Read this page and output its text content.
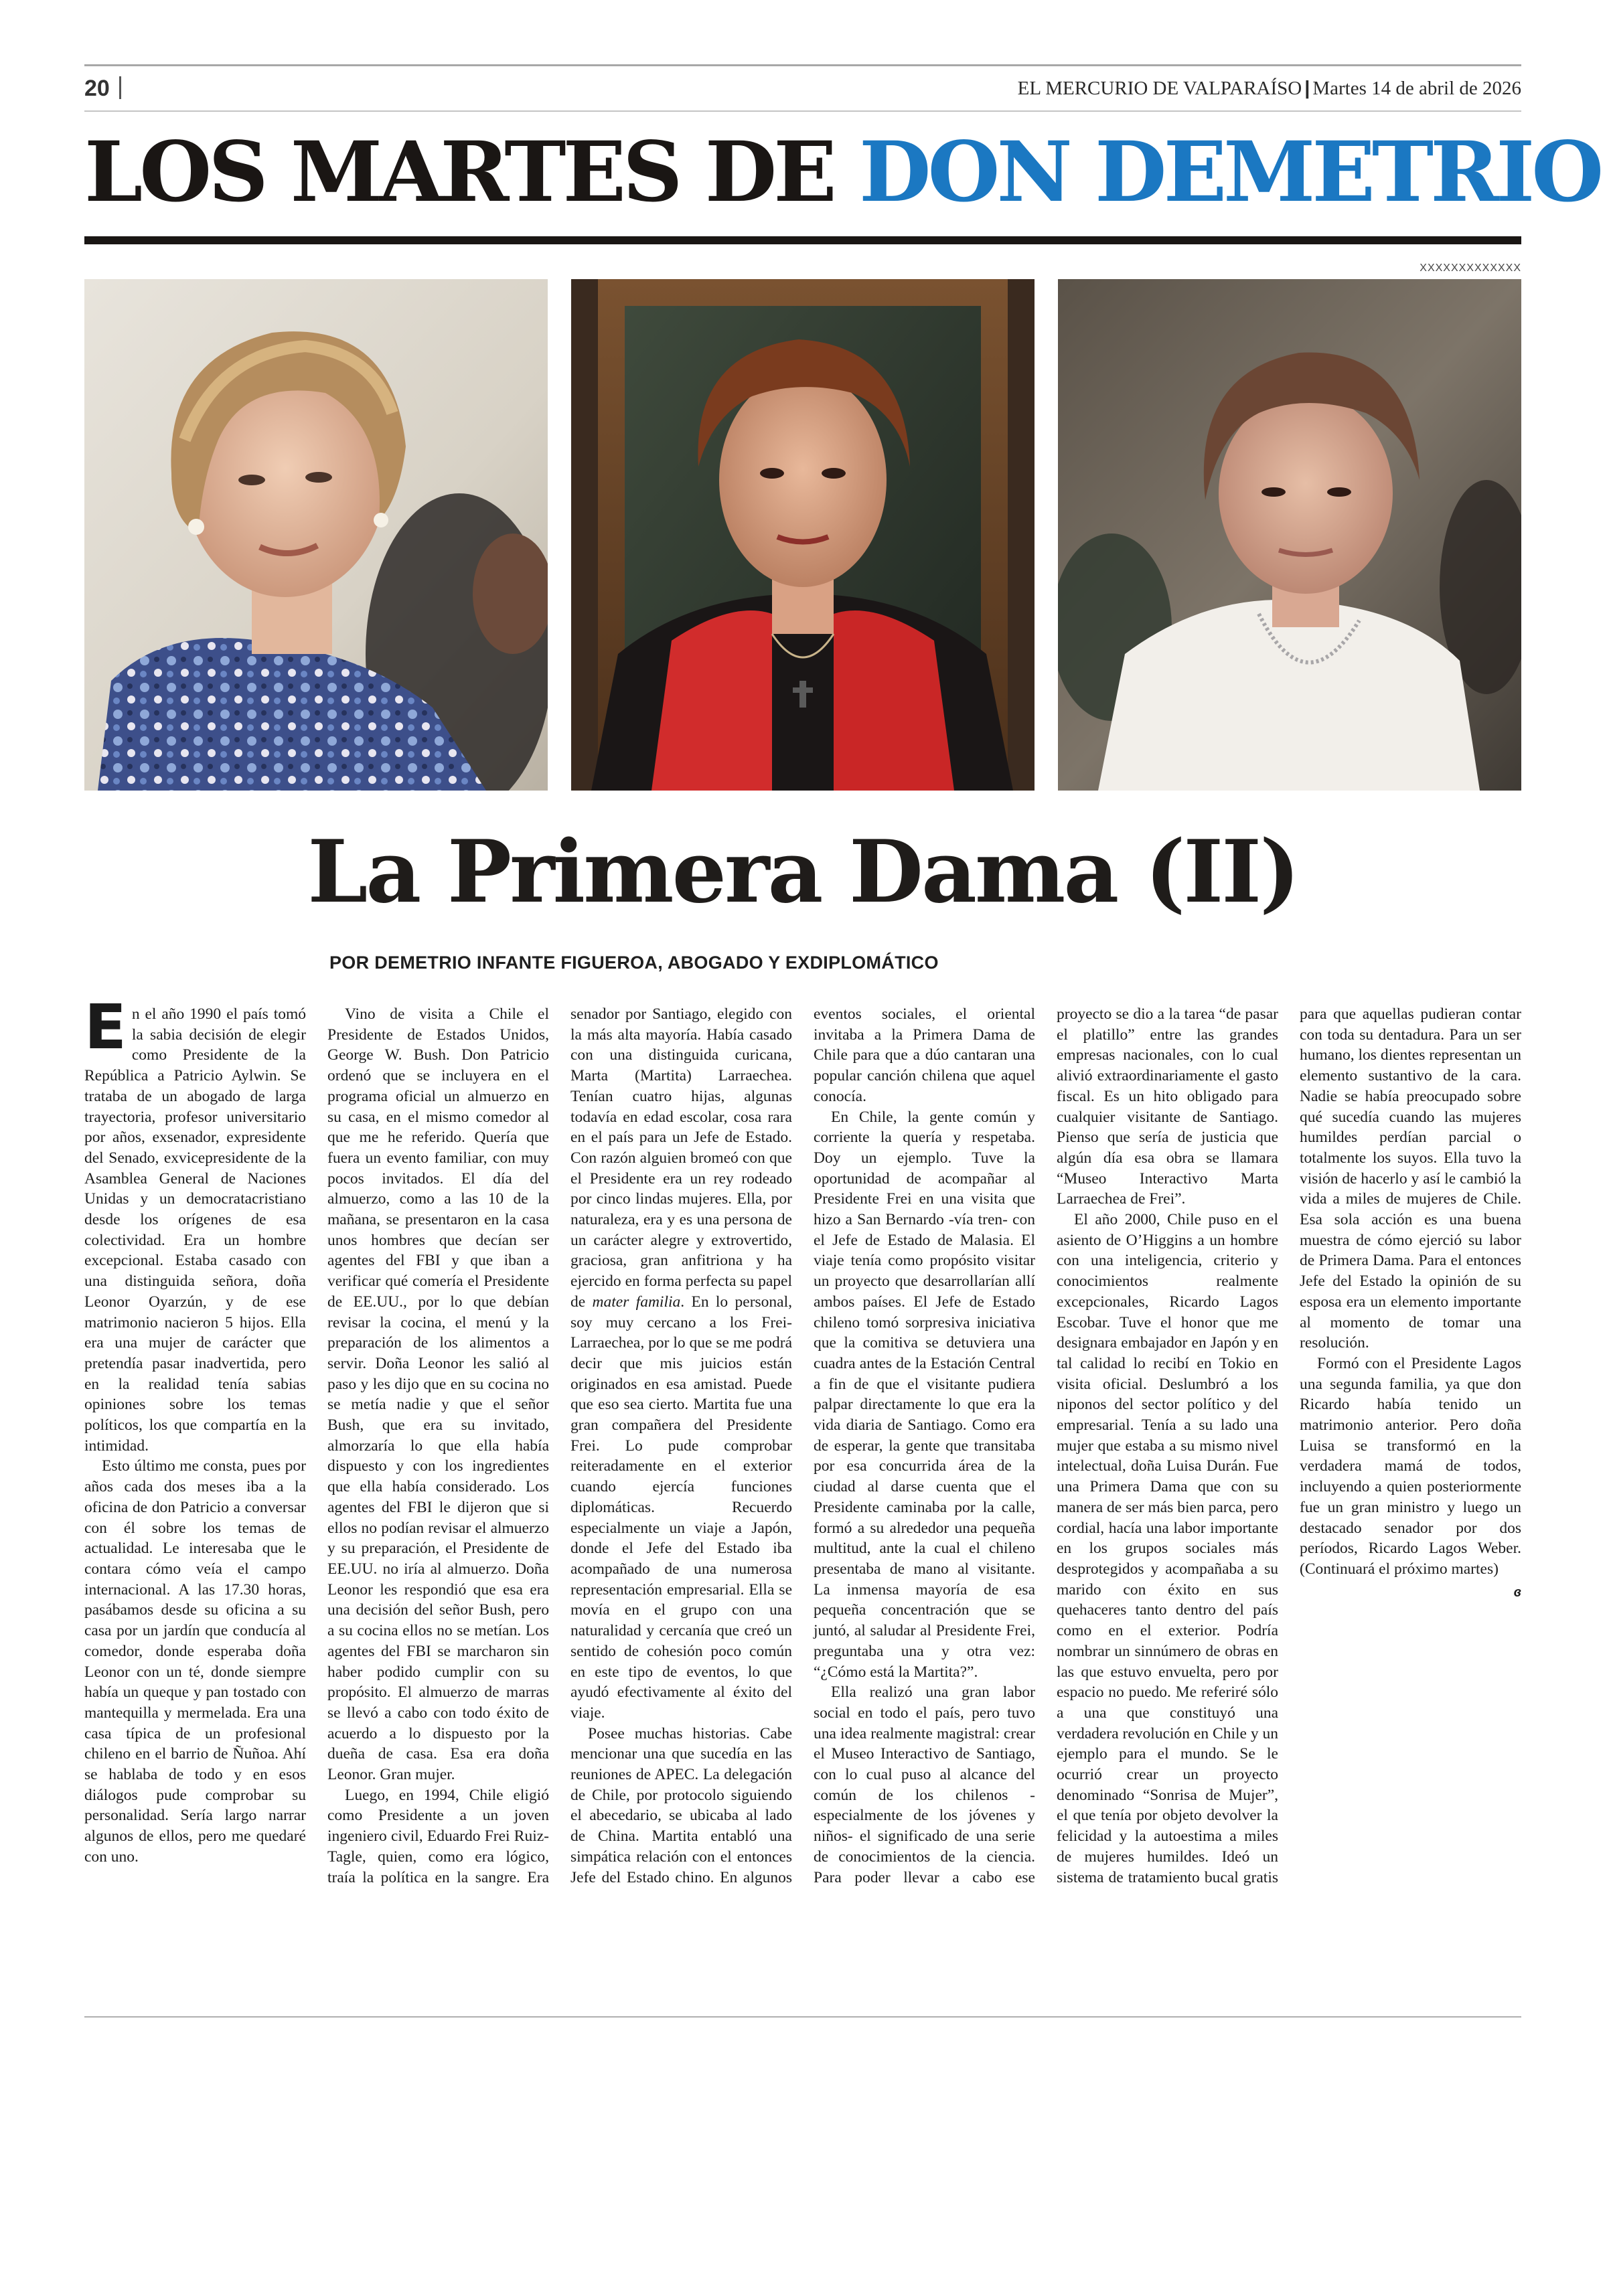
20	EL MERCURIO DE VALPARAÍSO | Martes 14 de abril de 2026
LOS MARTES DE DON DEMETRIO
XXXXXXXXXXXXX
La Primera Dama (II)
POR DEMETRIO INFANTE FIGUEROA, ABOGADO Y EXDIPLOMÁTICO

En el año 1990 el país tomó la sabia decisión de elegir como Presidente de la República a Patricio Aylwin. Se trataba de un abogado de larga trayectoria, profesor universitario por años, exsenador, expresidente del Senado, exvicepresidente de la Asamblea General de Naciones Unidas y un democratacristiano desde los orígenes de esa colectividad. Era un hombre excepcional. Estaba casado con una distinguida señora, doña Leonor Oyarzún, y de ese matrimonio nacieron 5 hijos. Ella era una mujer de carácter que pretendía pasar inadvertida, pero en la realidad tenía sabias opiniones sobre los temas políticos, los que compartía en la intimidad.

Esto último me consta, pues por años cada dos meses iba a la oficina de don Patricio a conversar con él sobre los temas de actualidad. Le interesaba que le contara cómo veía el campo internacional. A las 17.30 horas, pasábamos desde su oficina a su casa por un jardín que conducía al comedor, donde esperaba doña Leonor con un té, donde siempre había un queque y pan tostado con mantequilla y mermelada. Era una casa típica de un profesional chileno en el barrio de Ñuñoa. Ahí se hablaba de todo y en esos diálogos pude comprobar su personalidad. Sería largo narrar algunos de ellos, pero me quedaré con uno.

Vino de visita a Chile el Presidente de Estados Unidos, George W. Bush. Don Patricio ordenó que se incluyera en el programa oficial un almuerzo en su casa, en el mismo comedor al que me he referido. Quería que fuera un evento familiar, con muy pocos invitados. El día del almuerzo, como a las 10 de la mañana, se presentaron en la casa unos hombres que decían ser agentes del FBI y que iban a verificar qué comería el Presidente de EE.UU., por lo que debían revisar la cocina, el menú y la preparación de los alimentos a servir. Doña Leonor les salió al paso y les dijo que en su cocina no se metía nadie y que el señor Bush, que era su invitado, almorzaría lo que ella había dispuesto y con los ingredientes que ella había considerado. Los agentes del FBI le dijeron que si ellos no podían revisar el almuerzo y su preparación, el Presidente de EE.UU. no iría al almuerzo. Doña Leonor les respondió que esa era una decisión del señor Bush, pero a su cocina ellos no se metían. Los agentes del FBI se marcharon sin haber podido cumplir con su propósito. El almuerzo de marras se llevó a cabo con todo éxito de acuerdo a lo dispuesto por la dueña de casa. Esa era doña Leonor. Gran mujer.

Luego, en 1994, Chile eligió como Presidente a un joven ingeniero civil, Eduardo Frei Ruiz-Tagle, quien, como era lógico, traía la política en la sangre. Era senador por Santiago, elegido con la más alta mayoría. Había casado con una distinguida curicana, Marta (Martita) Larraechea. Tenían cuatro hijas, algunas todavía en edad escolar, cosa rara en el país para un Jefe de Estado. Con razón alguien bromeó con que el Presidente era un rey rodeado por cinco lindas mujeres. Ella, por naturaleza, era y es una persona de un carácter alegre y extrovertido, graciosa, gran anfitriona y ha ejercido en forma perfecta su papel de mater familia. En lo personal, soy muy cercano a los Frei-Larraechea, por lo que se me podrá decir que mis juicios están originados en esa amistad. Puede que eso sea cierto. Martita fue una gran compañera del Presidente Frei. Lo pude comprobar reiteradamente en el exterior cuando ejercía funciones diplomáticas. Recuerdo especialmente un viaje a Japón, donde el Jefe del Estado iba acompañado de una numerosa representación empresarial. Ella se movía en el grupo con una naturalidad y cercanía que creó un sentido de cohesión poco común en este tipo de eventos, lo que ayudó efectivamente al éxito del viaje.

Posee muchas historias. Cabe mencionar una que sucedía en las reuniones de APEC. La delegación de Chile, por protocolo siguiendo el abecedario, se ubicaba al lado de China. Martita entabló una simpática relación con el entonces Jefe del Estado chino. En algunos eventos sociales, el oriental invitaba a la Primera Dama de Chile para que a dúo cantaran una popular canción chilena que aquel conocía.

En Chile, la gente común y corriente la quería y respetaba. Doy un ejemplo. Tuve la oportunidad de acompañar al Presidente Frei en una visita que hizo a San Bernardo -vía tren- con el Jefe de Estado de Malasia. El viaje tenía como propósito visitar un proyecto que desarrollarían allí ambos países. El Jefe de Estado chileno tomó sorpresiva iniciativa que la comitiva se detuviera una cuadra antes de la Estación Central a fin de que el visitante pudiera palpar directamente lo que era la vida diaria de Santiago. Como era de esperar, la gente que transitaba por esa concurrida área de la ciudad al darse cuenta que el Presidente caminaba por la calle, formó a su alrededor una pequeña multitud, ante la cual el chileno presentaba de mano al visitante. La inmensa mayoría de esa pequeña concentración que se juntó, al saludar al Presidente Frei, preguntaba una y otra vez: “¿Cómo está la Martita?”.

Ella realizó una gran labor social en todo el país, pero tuvo una idea realmente magistral: crear el Museo Interactivo de Santiago, con lo cual puso al alcance del común de los chilenos -especialmente de los jóvenes y niños- el significado de una serie de conocimientos de la ciencia. Para poder llevar a cabo ese proyecto se dio a la tarea “de pasar el platillo” entre las grandes empresas nacionales, con lo cual alivió extraordinariamente el gasto fiscal. Es un hito obligado para cualquier visitante de Santiago. Pienso que sería de justicia que algún día esa obra se llamara “Museo Interactivo Marta Larraechea de Frei”.

El año 2000, Chile puso en el asiento de O’Higgins a un hombre con una inteligencia, criterio y conocimientos realmente excepcionales, Ricardo Lagos Escobar. Tuve el honor que me designara embajador en Japón y en tal calidad lo recibí en Tokio en visita oficial. Deslumbró a los niponos del sector político y del empresarial. Tenía a su lado una mujer que estaba a su mismo nivel intelectual, doña Luisa Durán. Fue una Primera Dama que con su manera de ser más bien parca, pero cordial, hacía una labor importante en los grupos sociales más desprotegidos y acompañaba a su marido con éxito en sus quehaceres tanto dentro del país como en el exterior. Podría nombrar un sinnúmero de obras en las que estuvo envuelta, pero por espacio no puedo. Me referiré sólo a una que constituyó una verdadera revolución en Chile y un ejemplo para el mundo. Se le ocurrió crear un proyecto denominado “Sonrisa de Mujer”, el que tenía por objeto devolver la felicidad y la autoestima a miles de mujeres humildes. Ideó un sistema de tratamiento bucal gratis para que aquellas pudieran contar con toda su dentadura. Para un ser humano, los dientes representan un elemento sustantivo de la cara. Nadie se había preocupado sobre qué sucedía cuando las mujeres humildes perdían parcial o totalmente los suyos. Ella tuvo la visión de hacerlo y así le cambió la vida a miles de mujeres de Chile. Esa sola acción es una buena muestra de cómo ejerció su labor de Primera Dama. Para el entonces Jefe del Estado la opinión de su esposa era un elemento importante al momento de tomar una resolución.

Formó con el Presidente Lagos una segunda familia, ya que don Ricardo había tenido un matrimonio anterior. Pero doña Luisa se transformó en la verdadera mamá de todos, incluyendo a quien posteriormente fue un gran ministro y luego un destacado senador por dos períodos, Ricardo Lagos Weber. (Continuará el próximo martes)
ɞ
